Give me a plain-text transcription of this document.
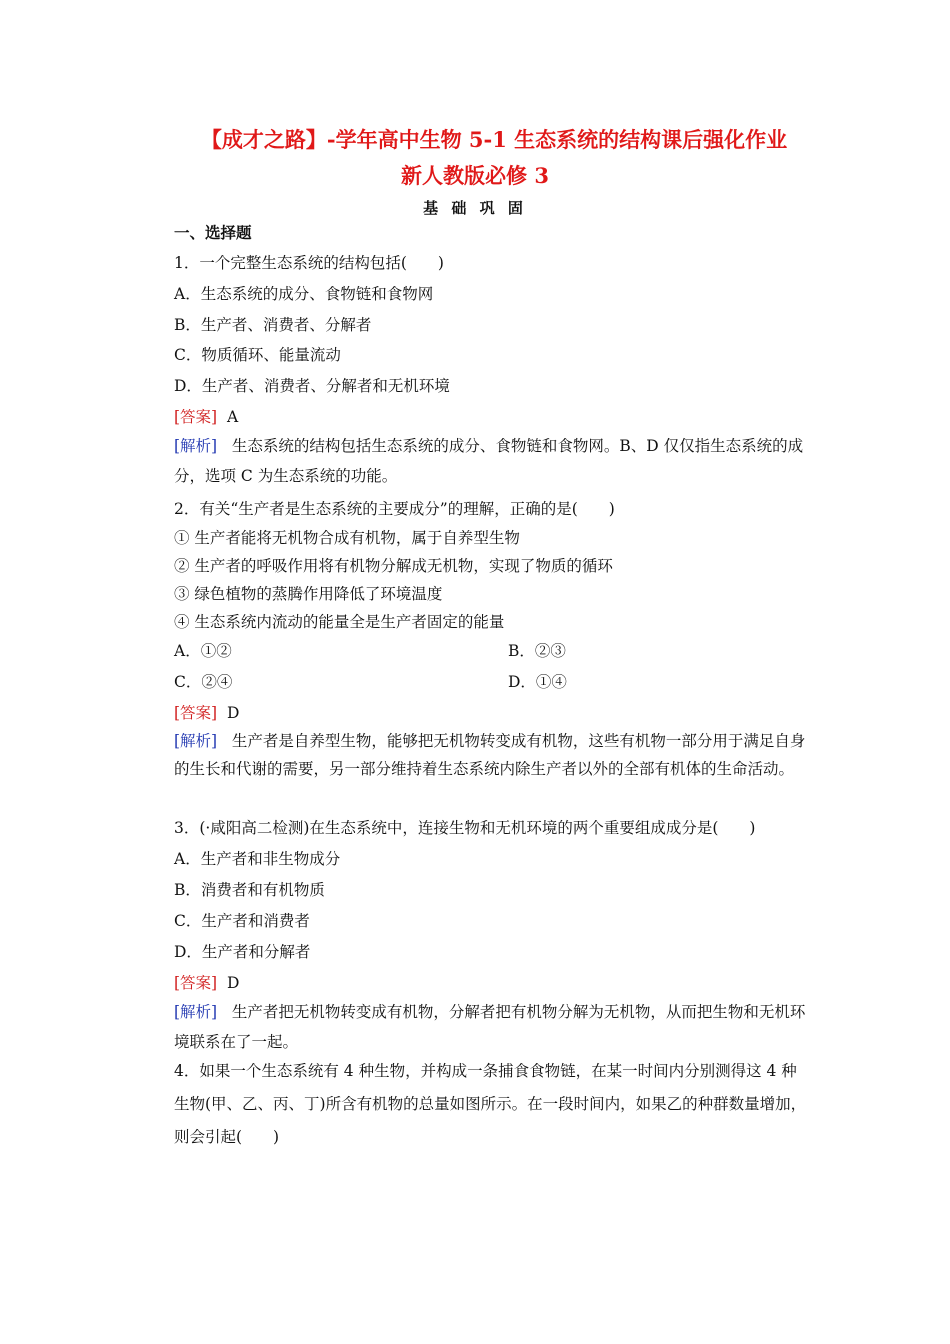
【成才之路】-学年高中生物 5-1 生态系统的结构课后强化作业
新人教版必修 3
基 础 巩 固
一、选择题
1．一个完整生态系统的结构包括(　　)
A．生态系统的成分、食物链和食物网
B．生产者、消费者、分解者
C．物质循环、能量流动
D．生产者、消费者、分解者和无机环境
[答案] A
[解析] 生态系统的结构包括生态系统的成分、食物链和食物网。B、D 仅仅指生态系统的成分，选项 C 为生态系统的功能。
2．有关“生产者是生态系统的主要成分”的理解，正确的是(　　)
① 生产者能将无机物合成有机物，属于自养型生物
② 生产者的呼吸作用将有机物分解成无机物，实现了物质的循环
③ 绿色植物的蒸腾作用降低了环境温度
④ 生态系统内流动的能量全是生产者固定的能量
A．①②	B．②③
C．②④	D．①④
[答案] D
[解析] 生产者是自养型生物，能够把无机物转变成有机物，这些有机物一部分用于满足自身的生长和代谢的需要，另一部分维持着生态系统内除生产者以外的全部有机体的生命活动。
3．(·咸阳高二检测)在生态系统中，连接生物和无机环境的两个重要组成成分是(　　)
A．生产者和非生物成分
B．消费者和有机物质
C．生产者和消费者
D．生产者和分解者
[答案] D
[解析] 生产者把无机物转变成有机物，分解者把有机物分解为无机物，从而把生物和无机环境联系在了一起。
4．如果一个生态系统有 4 种生物，并构成一条捕食食物链，在某一时间内分别测得这 4 种生物(甲、乙、丙、丁)所含有机物的总量如图所示。在一段时间内，如果乙的种群数量增加，则会引起(　　)
